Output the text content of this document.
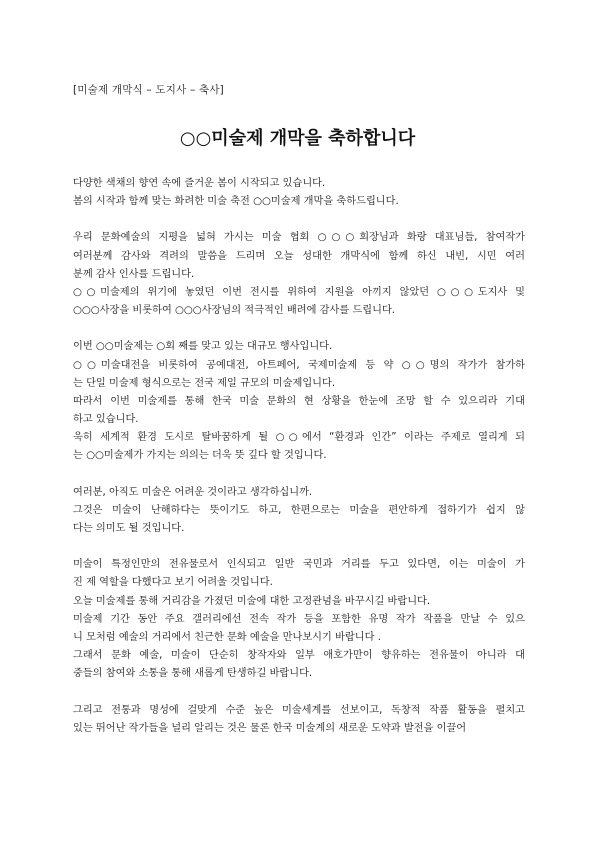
[미술제 개막식 – 도지사 – 축사]
○○미술제 개막을 축하합니다
다양한 색채의 향연 속에 즐거운 봄이 시작되고 있습니다.
봄의 시작과 함께 맞는 화려한 미술 축전 ○○미술제 개막을 축하드립니다.
우리 문화예술의 지평을 넓혀 가시는 미술 협회 ○○○회장님과 화랑 대표님들, 참여작가
여러분께 감사와 격려의 말씀을 드리며 오늘 성대한 개막식에 함께 하신 내빈, 시민 여러
분께 감사 인사를 드립니다.
○○미술제의 위기에 놓였던 이번 전시를 위하여 지원을 아끼지 않았던 ○○○도지사 및
○○○사장을 비롯하여 ○○○사장님의 적극적인 배려에 감사를 드립니다.
이번 ○○미술제는 ○회 째를 맞고 있는 대규모 행사입니다.
○○미술대전을 비롯하여 공예대전, 아트페어, 국제미술제 등 약 ○○명의 작가가 참가하
는 단일 미술제 형식으로는 전국 제일 규모의 미술제입니다.
따라서 이번 미술제를 통해 한국 미술 문화의 현 상황을 한눈에 조망 할 수 있으리라 기대
하고 있습니다.
욱히 세계적 환경 도시로 탈바꿈하게 될 ○○에서 “환경과 인간” 이라는 주제로 열리게 되
는 ○○미술제가 가지는 의의는 더욱 뜻 깊다 할 것입니다.
여러분, 아직도 미술은 어려운 것이라고 생각하십니까.
그것은 미술이 난해하다는 뜻이기도 하고, 한편으로는 미술을 편안하게 접하기가 쉽지 않
다는 의미도 될 것입니다.
미술이 특정인만의 전유물로서 인식되고 일반 국민과 거리를 두고 있다면, 이는 미술이 가
진 제 역할을 다했다고 보기 어려울 것입니다.
오늘 미술제를 통해 거리감을 가졌던 미술에 대한 고정관념을 바꾸시길 바랍니다.
미술제 기간 동안 주요 갤러리에선 전속 작가 등을 포함한 유명 작가 작품을 만날 수 있으
니 모처럼 예술의 거리에서 친근한 문화 예술을 만나보시기 바랍니다 .
그래서 문화 예술, 미술이 단순히 창작자와 일부 애호가만이 향유하는 전유물이 아니라 대
중들의 참여와 소통을 통해 새롭게 탄생하길 바랍니다.
그리고 전통과 명성에 걸맞게 수준 높은 미술세계를 선보이고, 독창적 작품 활동을 펼치고
있는 뛰어난 작가들을 널리 알리는 것은 물론 한국 미술계의 새로운 도약과 발전을 이끌어
